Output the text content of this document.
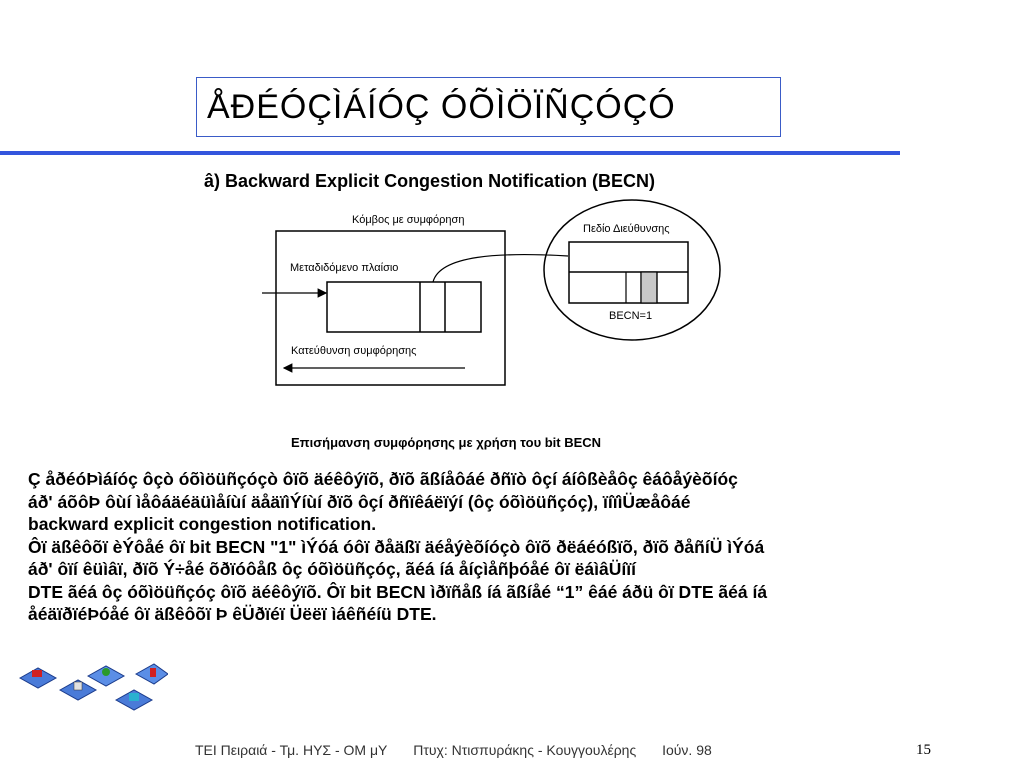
ÅÐÉÓÇÌÁÍÓÇ ÓÕÌÖÏÑÇÓÇÓ
â) Backward Explicit Congestion Notification (BECN)
Κόμβος με συμφόρηση
Μεταδιδόμενο πλαίσιο
Κατεύθυνση συμφόρησης
Πεδίο Διεύθυνσης
BECN=1
Επισήμανση συμφόρησης με χρήση του bit BECN
Ç åðéóÞìáíóç ôçò óõìöüñçóçò ôïõ äéêôýïõ, ðïõ ãßíåôáé ðñïò ôçí áíôßèåôç êáôåýèõíóç
áð' áõôÞ ôùí ìåôáäéäüìåíùí äåäïìÝíùí ðïõ ôçí ðñïêáëïýí (ôç óõìöüñçóç), ïíïìÜæåôáé
backward explicit congestion notification.
Ôï äßêôõï èÝôåé ôï bit BECN "1" ìÝóá óôï ðåäßï äéåýèõíóçò ôïõ ðëáéóßïõ, ðïõ ðåñíÜ ìÝóá
áð' ôïí êüìâï, ðïõ Ý÷åé õðïóôåß ôç óõìöüñçóç, ãéá íá åíçìåñþóåé ôï ëáìâÜíïí
DTE ãéá ôç óõìöüñçóç ôïõ äéêôýïõ. Ôï bit BECN ìðïñåß íá ãßíåé “1” êáé áðü ôï DTE ãéá íá
åéäïðïéÞóåé ôï äßêôõï Þ êÜðïéï Üëëï ìáêñéíü DTE.
ΤΕΙ Πειραιά - Τμ. ΗΥΣ - ΟΜ μΥ Πτυχ: Ντισπυράκης - Κουγγουλέρης Ιούν. 98	15
